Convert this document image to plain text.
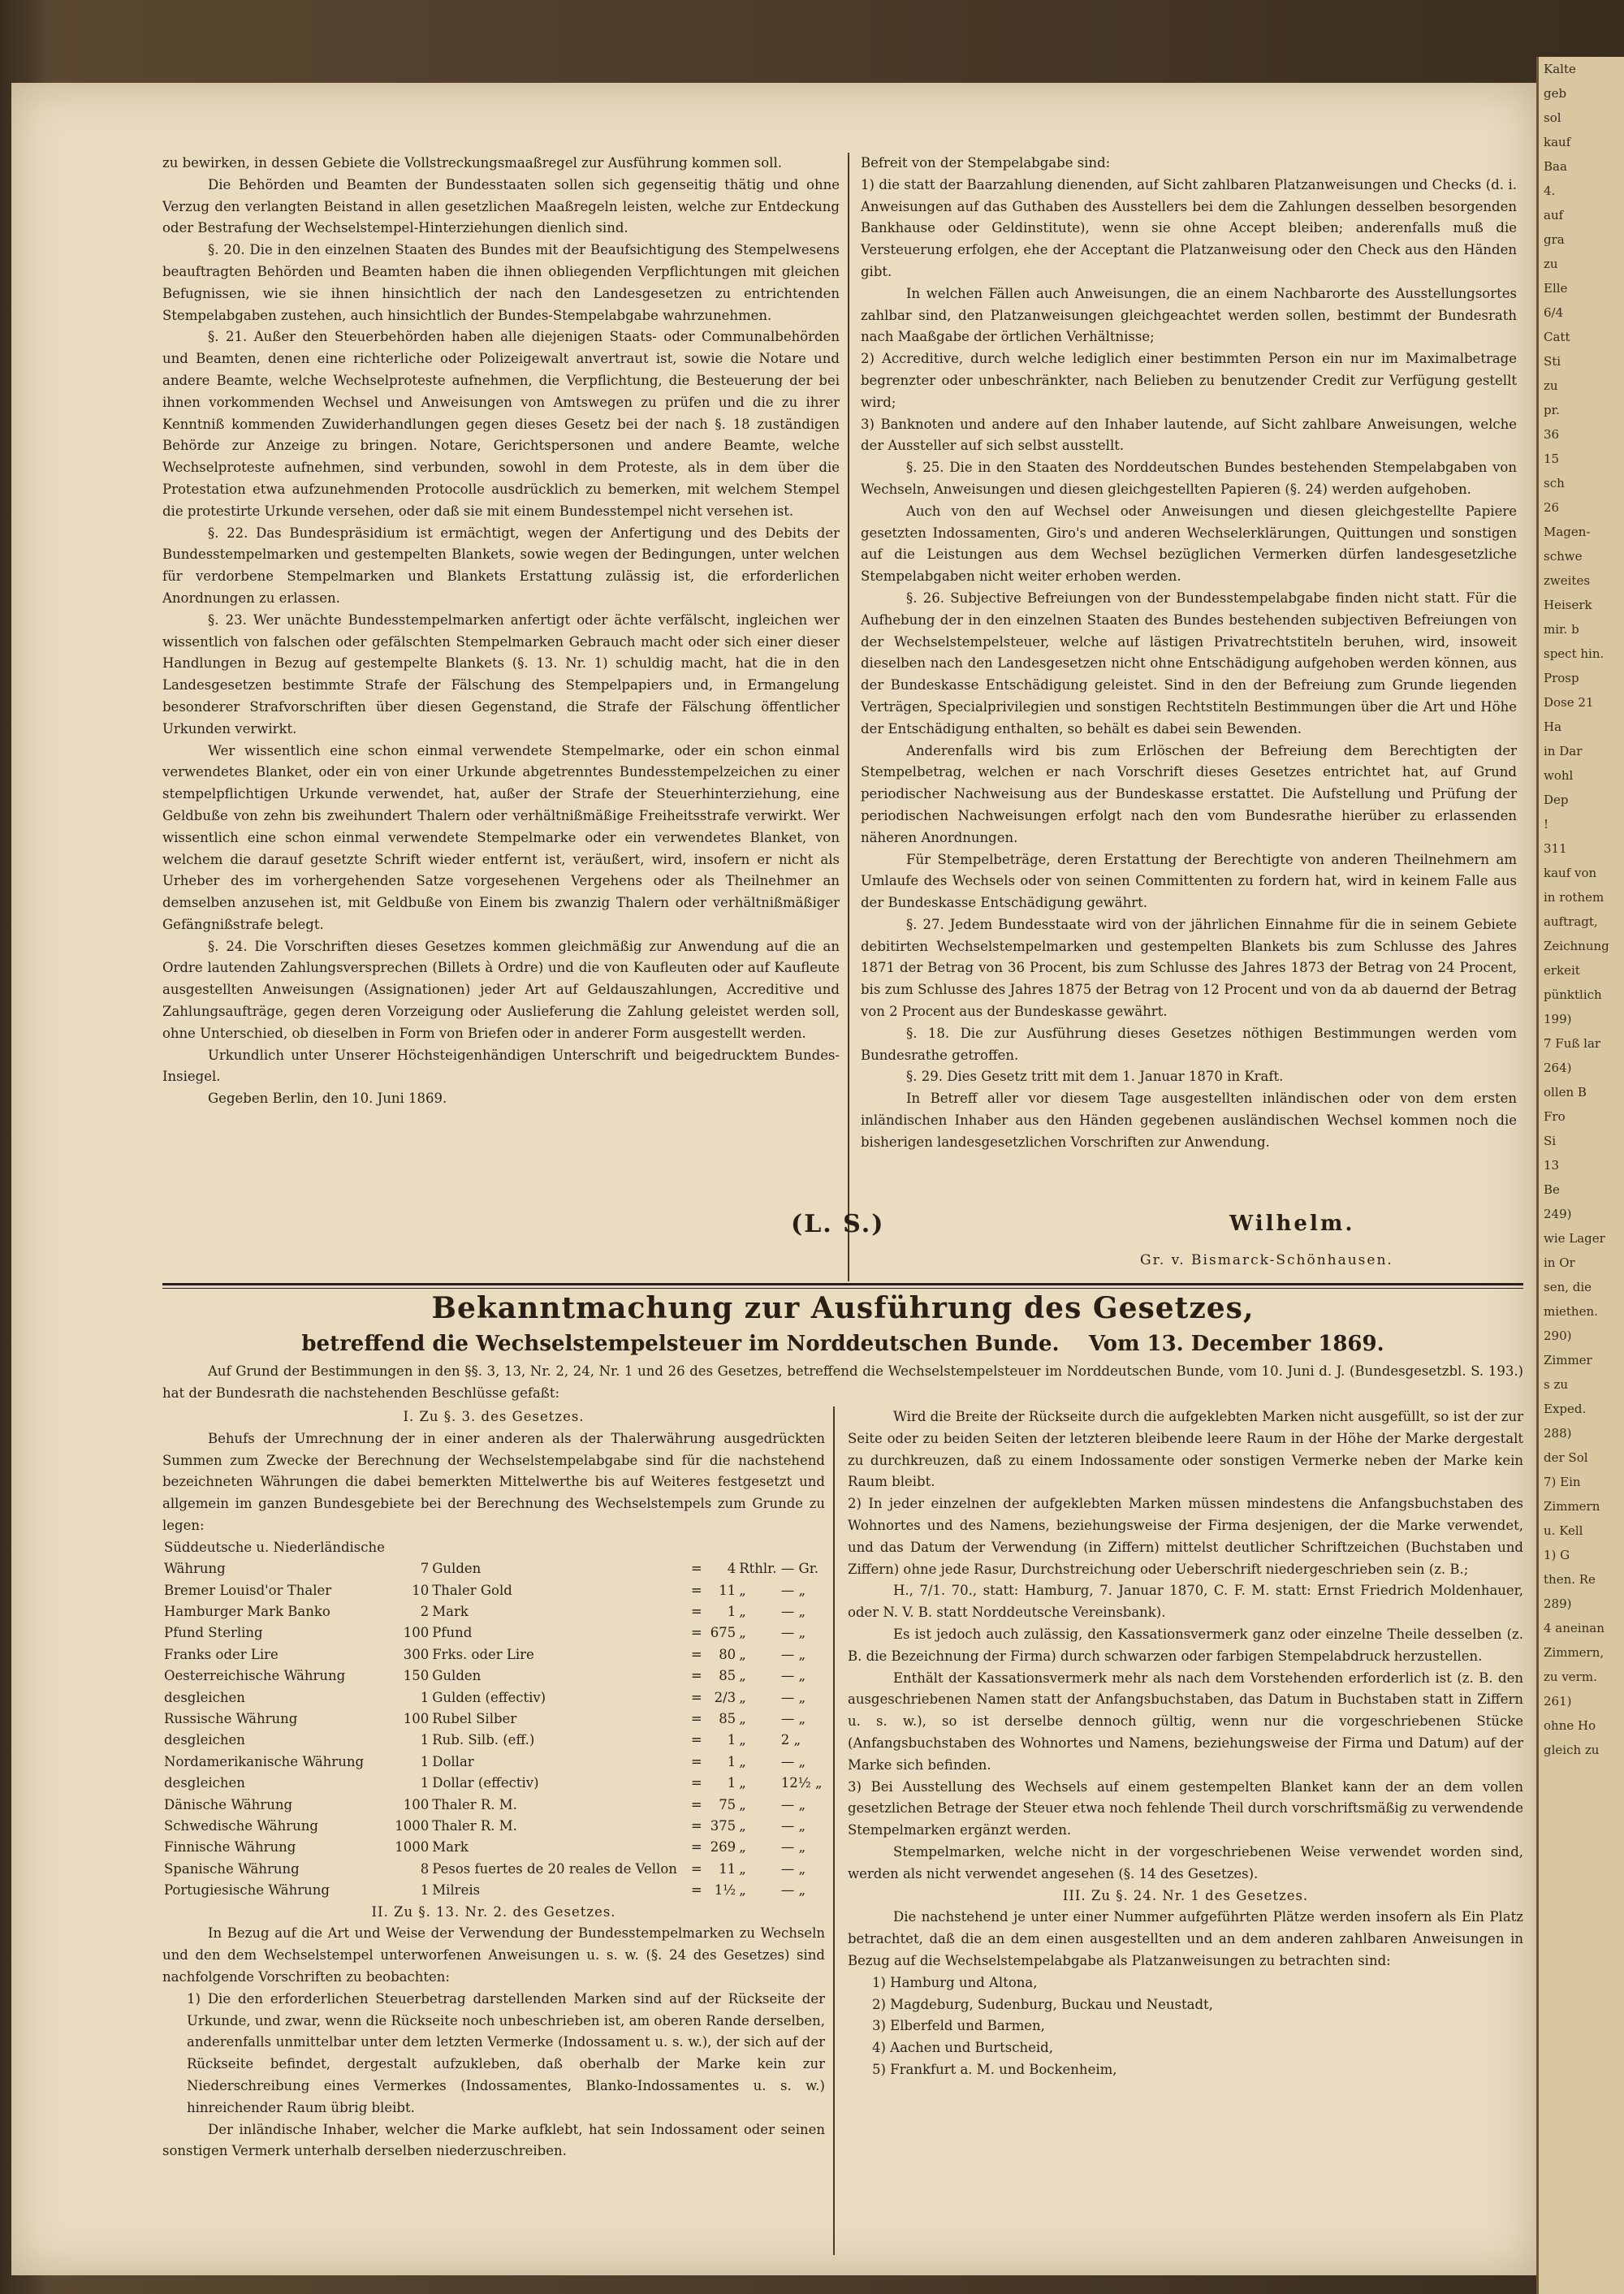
zu bewirken, in dessen Gebiete die Vollstreckungsmaaßregel zur Ausführung kommen soll.

Die Behörden und Beamten der Bundesstaaten sollen sich gegenseitig thätig und ohne Verzug den verlangten Beistand in allen gesetzlichen Maaßregeln leisten, welche zur Entdeckung oder Bestrafung der Wechselstempel-Hinterziehungen dienlich sind.

§. 20. Die in den einzelnen Staaten des Bundes mit der Beaufsichtigung des Stempelwesens beauftragten Behörden und Beamten haben die ihnen obliegenden Verpflichtungen mit gleichen Befugnissen, wie sie ihnen hinsichtlich der nach den Landesgesetzen zu entrichtenden Stempelabgaben zustehen, auch hinsichtlich der Bundes-Stempelabgabe wahrzunehmen.

§. 21. Außer den Steuerbehörden haben alle diejenigen Staats- oder Communalbehörden und Beamten, denen eine richterliche oder Polizeigewalt anvertraut ist, sowie die Notare und andere Beamte, welche Wechselproteste aufnehmen, die Verpflichtung, die Besteuerung der bei ihnen vorkommenden Wechsel und Anweisungen von Amtswegen zu prüfen und die zu ihrer Kenntniß kommenden Zuwiderhandlungen gegen dieses Gesetz bei der nach §. 18 zuständigen Behörde zur Anzeige zu bringen. Notare, Gerichtspersonen und andere Beamte, welche Wechselproteste aufnehmen, sind verbunden, sowohl in dem Proteste, als in dem über die Protestation etwa aufzunehmenden Protocolle ausdrücklich zu bemerken, mit welchem Stempel die protestirte Urkunde versehen, oder daß sie mit einem Bundesstempel nicht versehen ist.

§. 22. Das Bundespräsidium ist ermächtigt, wegen der Anfertigung und des Debits der Bundesstempelmarken und gestempelten Blankets, sowie wegen der Bedingungen, unter welchen für verdorbene Stempelmarken und Blankets Erstattung zulässig ist, die erforderlichen Anordnungen zu erlassen.

§. 23. Wer unächte Bundesstempelmarken anfertigt oder ächte verfälscht, ingleichen wer wissentlich von falschen oder gefälschten Stempelmarken Gebrauch macht oder sich einer dieser Handlungen in Bezug auf gestempelte Blankets (§. 13. Nr. 1) schuldig macht, hat die in den Landesgesetzen bestimmte Strafe der Fälschung des Stempelpapiers und, in Ermangelung besonderer Strafvorschriften über diesen Gegenstand, die Strafe der Fälschung öffentlicher Urkunden verwirkt.

Wer wissentlich eine schon einmal verwendete Stempelmarke, oder ein schon einmal verwendetes Blanket, oder ein von einer Urkunde abgetrenntes Bundesstempelzeichen zu einer stempelpflichtigen Urkunde verwendet, hat, außer der Strafe der Steuerhinterziehung, eine Geldbuße von zehn bis zweihundert Thalern oder verhältnißmäßige Freiheitsstrafe verwirkt. Wer wissentlich eine schon einmal verwendete Stempelmarke oder ein verwendetes Blanket, von welchem die darauf gesetzte Schrift wieder entfernt ist, veräußert, wird, insofern er nicht als Urheber des im vorhergehenden Satze vorgesehenen Vergehens oder als Theilnehmer an demselben anzusehen ist, mit Geldbuße von Einem bis zwanzig Thalern oder verhältnißmäßiger Gefängnißstrafe belegt.

§. 24. Die Vorschriften dieses Gesetzes kommen gleichmäßig zur Anwendung auf die an Ordre lautenden Zahlungsversprechen (Billets à Ordre) und die von Kaufleuten oder auf Kaufleute ausgestellten Anweisungen (Assignationen) jeder Art auf Geldauszahlungen, Accreditive und Zahlungsaufträge, gegen deren Vorzeigung oder Auslieferung die Zahlung geleistet werden soll, ohne Unterschied, ob dieselben in Form von Briefen oder in anderer Form ausgestellt werden.

Urkundlich unter Unserer Höchsteigenhändigen Unterschrift und beigedrucktem Bundes-Insiegel.

Gegeben Berlin, den 10. Juni 1869.

Befreit von der Stempelabgabe sind:

1) die statt der Baarzahlung dienenden, auf Sicht zahlbaren Platzanweisungen und Checks (d. i. Anweisungen auf das Guthaben des Ausstellers bei dem die Zahlungen desselben besorgenden Bankhause oder Geldinstitute), wenn sie ohne Accept bleiben; anderenfalls muß die Versteuerung erfolgen, ehe der Acceptant die Platzanweisung oder den Check aus den Händen gibt.

In welchen Fällen auch Anweisungen, die an einem Nachbarorte des Ausstellungsortes zahlbar sind, den Platzanweisungen gleichgeachtet werden sollen, bestimmt der Bundesrath nach Maaßgabe der örtlichen Verhältnisse;

2) Accreditive, durch welche lediglich einer bestimmten Person ein nur im Maximalbetrage begrenzter oder unbeschränkter, nach Belieben zu benutzender Credit zur Verfügung gestellt wird;

3) Banknoten und andere auf den Inhaber lautende, auf Sicht zahlbare Anweisungen, welche der Aussteller auf sich selbst ausstellt.

§. 25. Die in den Staaten des Norddeutschen Bundes bestehenden Stempelabgaben von Wechseln, Anweisungen und diesen gleichgestellten Papieren (§. 24) werden aufgehoben.

Auch von den auf Wechsel oder Anweisungen und diesen gleichgestellte Papiere gesetzten Indossamenten, Giro's und anderen Wechselerklärungen, Quittungen und sonstigen auf die Leistungen aus dem Wechsel bezüglichen Vermerken dürfen landesgesetzliche Stempelabgaben nicht weiter erhoben werden.

§. 26. Subjective Befreiungen von der Bundesstempelabgabe finden nicht statt. Für die Aufhebung der in den einzelnen Staaten des Bundes bestehenden subjectiven Befreiungen von der Wechselstempelsteuer, welche auf lästigen Privatrechtstiteln beruhen, wird, insoweit dieselben nach den Landesgesetzen nicht ohne Entschädigung aufgehoben werden können, aus der Bundeskasse Entschädigung geleistet. Sind in den der Befreiung zum Grunde liegenden Verträgen, Specialprivilegien und sonstigen Rechtstiteln Bestimmungen über die Art und Höhe der Entschädigung enthalten, so behält es dabei sein Bewenden.

Anderenfalls wird bis zum Erlöschen der Befreiung dem Berechtigten der Stempelbetrag, welchen er nach Vorschrift dieses Gesetzes entrichtet hat, auf Grund periodischer Nachweisung aus der Bundeskasse erstattet. Die Aufstellung und Prüfung der periodischen Nachweisungen erfolgt nach den vom Bundesrathe hierüber zu erlassenden näheren Anordnungen.

Für Stempelbeträge, deren Erstattung der Berechtigte von anderen Theilnehmern am Umlaufe des Wechsels oder von seinen Committenten zu fordern hat, wird in keinem Falle aus der Bundeskasse Entschädigung gewährt.

§. 27. Jedem Bundesstaate wird von der jährlichen Einnahme für die in seinem Gebiete debitirten Wechselstempelmarken und gestempelten Blankets bis zum Schlusse des Jahres 1871 der Betrag von 36 Procent, bis zum Schlusse des Jahres 1873 der Betrag von 24 Procent, bis zum Schlusse des Jahres 1875 der Betrag von 12 Procent und von da ab dauernd der Betrag von 2 Procent aus der Bundeskasse gewährt.

§. 18. Die zur Ausführung dieses Gesetzes nöthigen Bestimmungen werden vom Bundesrathe getroffen.

§. 29. Dies Gesetz tritt mit dem 1. Januar 1870 in Kraft.

In Betreff aller vor diesem Tage ausgestellten inländischen oder von dem ersten inländischen Inhaber aus den Händen gegebenen ausländischen Wechsel kommen noch die bisherigen landesgesetzlichen Vorschriften zur Anwendung.

(L. S.)	Wilhelm.
Gr. v. Bismarck-Schönhausen.
Bekanntmachung zur Ausführung des Gesetzes,
betreffend die Wechselstempelsteuer im Norddeutschen Bunde. Vom 13. December 1869.

Auf Grund der Bestimmungen in den §§. 3, 13, Nr. 2, 24, Nr. 1 und 26 des Gesetzes, betreffend die Wechselstempelsteuer im Norddeutschen Bunde, vom 10. Juni d. J. (Bundesgesetzbl. S. 193.) hat der Bundesrath die nachstehenden Beschlüsse gefaßt:

I. Zu §. 3. des Gesetzes.

Behufs der Umrechnung der in einer anderen als der Thalerwährung ausgedrückten Summen zum Zwecke der Berechnung der Wechselstempelabgabe sind für die nachstehend bezeichneten Währungen die dabei bemerkten Mittelwerthe bis auf Weiteres festgesetzt und allgemein im ganzen Bundesgebiete bei der Berechnung des Wechselstempels zum Grunde zu legen:

Süddeutsche u. Niederländische						
Währung	7	Gulden	=	4	Rthlr.	— Gr.
Bremer Louisd'or Thaler	10	Thaler Gold	=	11	„	— „
Hamburger Mark Banko	2	Mark	=	1	„	— „
Pfund Sterling	100	Pfund	=	675	„	— „
Franks oder Lire	300	Frks. oder Lire	=	80	„	— „
Oesterreichische Währung	150	Gulden	=	85	„	— „
desgleichen	1	Gulden (effectiv)	=	2/3	„	— „
Russische Währung	100	Rubel Silber	=	85	„	— „
desgleichen	1	Rub. Silb. (eff.)	=	1	„	2 „
Nordamerikanische Währung	1	Dollar	=	1	„	— „
desgleichen	1	Dollar (effectiv)	=	1	„	12½ „
Dänische Währung	100	Thaler R. M.	=	75	„	— „
Schwedische Währung	1000	Thaler R. M.	=	375	„	— „
Finnische Währung	1000	Mark	=	269	„	— „
Spanische Währung	8	Pesos fuertes de 20 reales de Vellon	=	11	„	— „
Portugiesische Währung	1	Milreis	=	1½	„	— „

II. Zu §. 13. Nr. 2. des Gesetzes.

In Bezug auf die Art und Weise der Verwendung der Bundesstempelmarken zu Wechseln und den dem Wechselstempel unterworfenen Anweisungen u. s. w. (§. 24 des Gesetzes) sind nachfolgende Vorschriften zu beobachten:

1) Die den erforderlichen Steuerbetrag darstellenden Marken sind auf der Rückseite der Urkunde, und zwar, wenn die Rückseite noch unbeschrieben ist, am oberen Rande derselben, anderenfalls unmittelbar unter dem letzten Vermerke (Indossament u. s. w.), der sich auf der Rückseite befindet, dergestalt aufzukleben, daß oberhalb der Marke kein zur Niederschreibung eines Vermerkes (Indossamentes, Blanko-Indossamentes u. s. w.) hinreichender Raum übrig bleibt.

Der inländische Inhaber, welcher die Marke aufklebt, hat sein Indossament oder seinen sonstigen Vermerk unterhalb derselben niederzuschreiben.

Wird die Breite der Rückseite durch die aufgeklebten Marken nicht ausgefüllt, so ist der zur Seite oder zu beiden Seiten der letzteren bleibende leere Raum in der Höhe der Marke dergestalt zu durchkreuzen, daß zu einem Indossamente oder sonstigen Vermerke neben der Marke kein Raum bleibt.

2) In jeder einzelnen der aufgeklebten Marken müssen mindestens die Anfangsbuchstaben des Wohnortes und des Namens, beziehungsweise der Firma desjenigen, der die Marke verwendet, und das Datum der Verwendung (in Ziffern) mittelst deutlicher Schriftzeichen (Buchstaben und Ziffern) ohne jede Rasur, Durchstreichung oder Ueberschrift niedergeschrieben sein (z. B.;

H., 7/1. 70., statt: Hamburg, 7. Januar 1870, C. F. M. statt: Ernst Friedrich Moldenhauer, oder N. V. B. statt Norddeutsche Vereinsbank).

Es ist jedoch auch zulässig, den Kassationsvermerk ganz oder einzelne Theile desselben (z. B. die Bezeichnung der Firma) durch schwarzen oder farbigen Stempelabdruck herzustellen.

Enthält der Kassationsvermerk mehr als nach dem Vorstehenden erforderlich ist (z. B. den ausgeschriebenen Namen statt der Anfangsbuchstaben, das Datum in Buchstaben statt in Ziffern u. s. w.), so ist derselbe dennoch gültig, wenn nur die vorgeschriebenen Stücke (Anfangsbuchstaben des Wohnortes und Namens, beziehungsweise der Firma und Datum) auf der Marke sich befinden.

3) Bei Ausstellung des Wechsels auf einem gestempelten Blanket kann der an dem vollen gesetzlichen Betrage der Steuer etwa noch fehlende Theil durch vorschriftsmäßig zu verwendende Stempelmarken ergänzt werden.

Stempelmarken, welche nicht in der vorgeschriebenen Weise verwendet worden sind, werden als nicht verwendet angesehen (§. 14 des Gesetzes).

III. Zu §. 24. Nr. 1 des Gesetzes.

Die nachstehend je unter einer Nummer aufgeführten Plätze werden insofern als Ein Platz betrachtet, daß die an dem einen ausgestellten und an dem anderen zahlbaren Anweisungen in Bezug auf die Wechselstempelabgabe als Platzanweisungen zu betrachten sind:

1) Hamburg und Altona,

2) Magdeburg, Sudenburg, Buckau und Neustadt,

3) Elberfeld und Barmen,

4) Aachen und Burtscheid,

5) Frankfurt a. M. und Bockenheim,

Kalte
geb
sol
kauf
Baa
4.
auf
gra
zu
Elle
6/4
Catt
Sti
zu
pr.
36
15
sch
26
Magen-
schwe
zweites
Heiserk
mir. b
spect hin.
Prosp
Dose 21
Ha
in Dar
wohl
Dep
!
311
kauf von
in rothem
auftragt,
Zeichnung
erkeit
pünktlich
199)
7 Fuß lar
264)
ollen B
Fro
Si
13
Be
249)
wie Lager
in Or
sen, die
miethen.
290)
Zimmer
s zu
Exped.
288)
der Sol
7) Ein
Zimmern
u. Kell
1) G
then. Re
289)
4 aneinan
Zimmern,
zu verm.
261)
ohne Ho
gleich zu
